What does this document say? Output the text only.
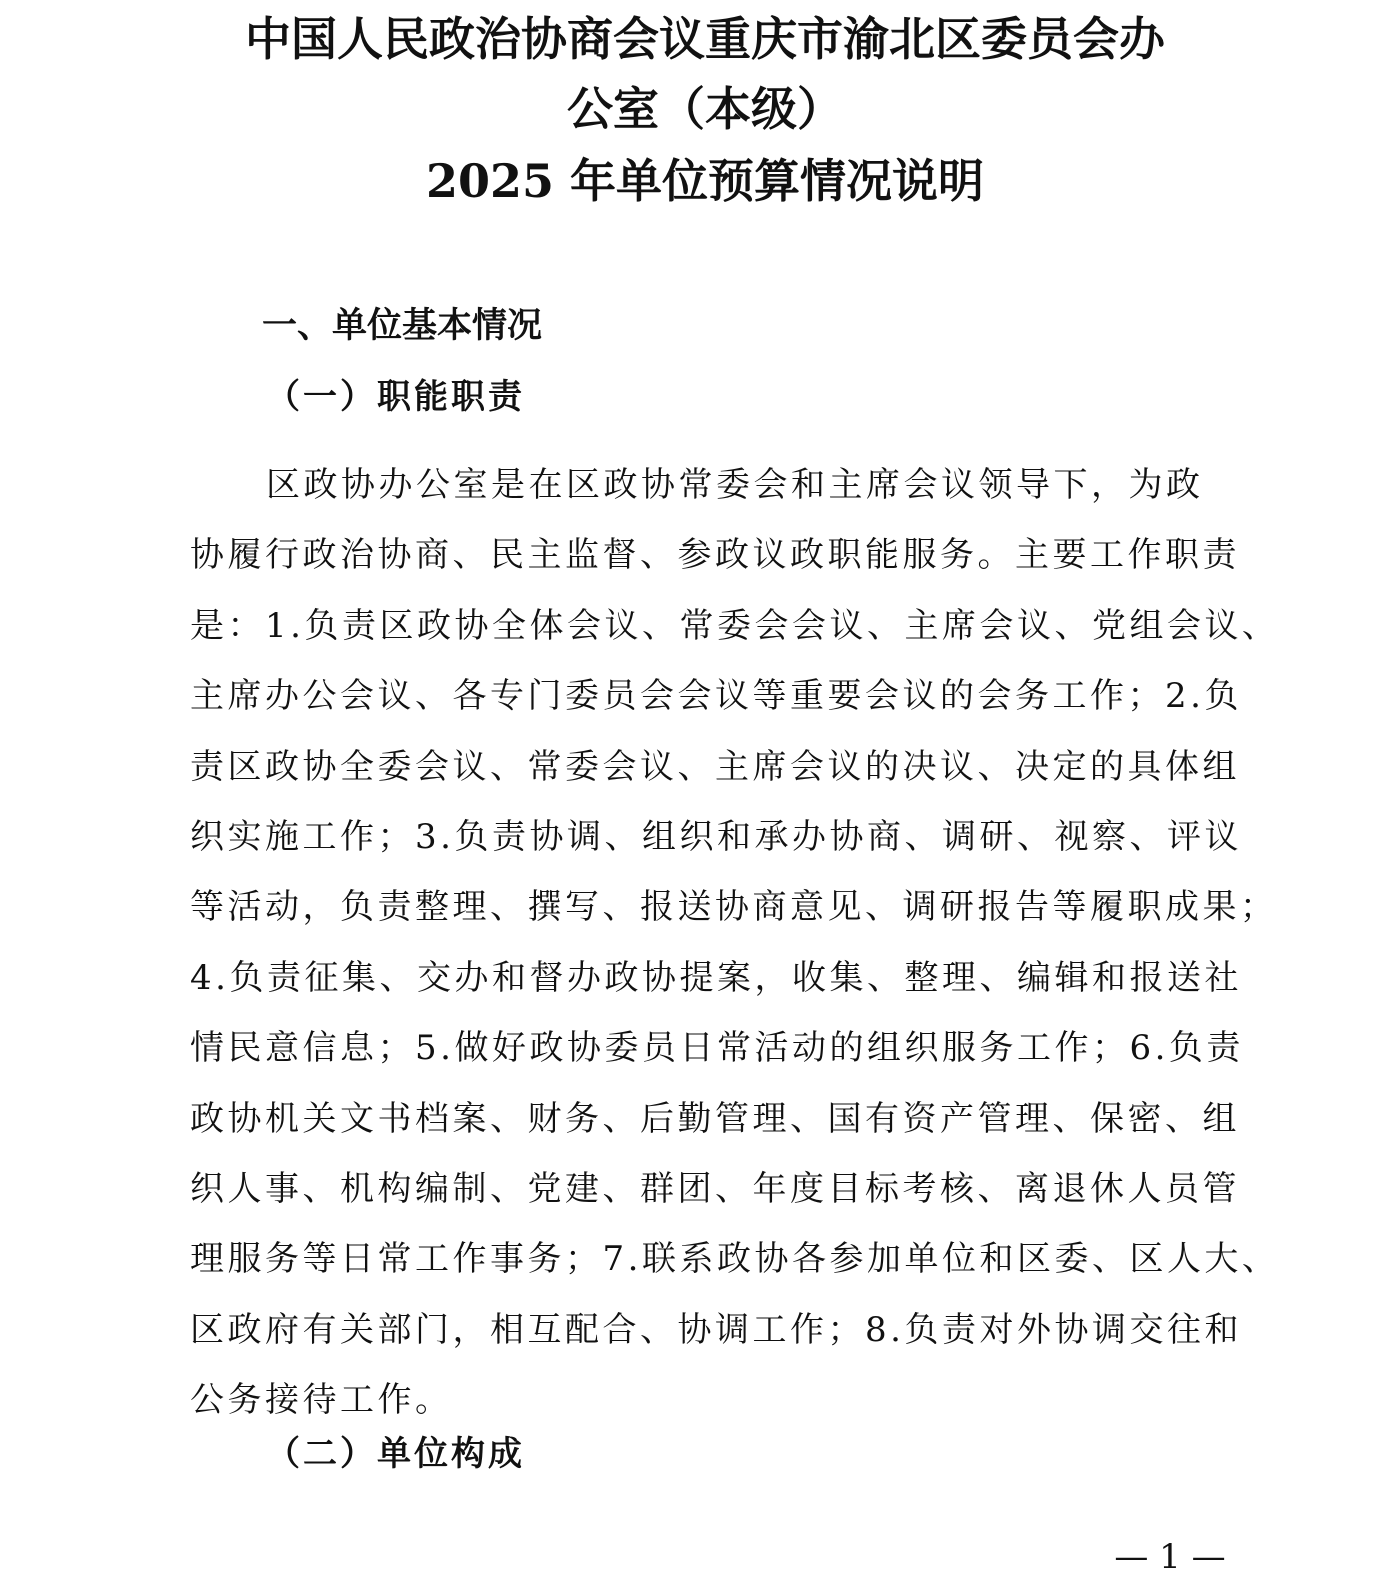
中国人民政治协商会议重庆市渝北区委员会办
公室（本级）
2025 年单位预算情况说明
一、单位基本情况
（一）职能职责
区政协办公室是在区政协常委会和主席会议领导下，为政
协履行政治协商、民主监督、参政议政职能服务。主要工作职责
是：1.负责区政协全体会议、常委会会议、主席会议、党组会议、
主席办公会议、各专门委员会会议等重要会议的会务工作；2.负
责区政协全委会议、常委会议、主席会议的决议、决定的具体组
织实施工作；3.负责协调、组织和承办协商、调研、视察、评议
等活动，负责整理、撰写、报送协商意见、调研报告等履职成果；
4.负责征集、交办和督办政协提案，收集、整理、编辑和报送社
情民意信息；5.做好政协委员日常活动的组织服务工作；6.负责
政协机关文书档案、财务、后勤管理、国有资产管理、保密、组
织人事、机构编制、党建、群团、年度目标考核、离退休人员管
理服务等日常工作事务；7.联系政协各参加单位和区委、区人大、
区政府有关部门，相互配合、协调工作；8.负责对外协调交往和
公务接待工作。
（二）单位构成
— 1 —
